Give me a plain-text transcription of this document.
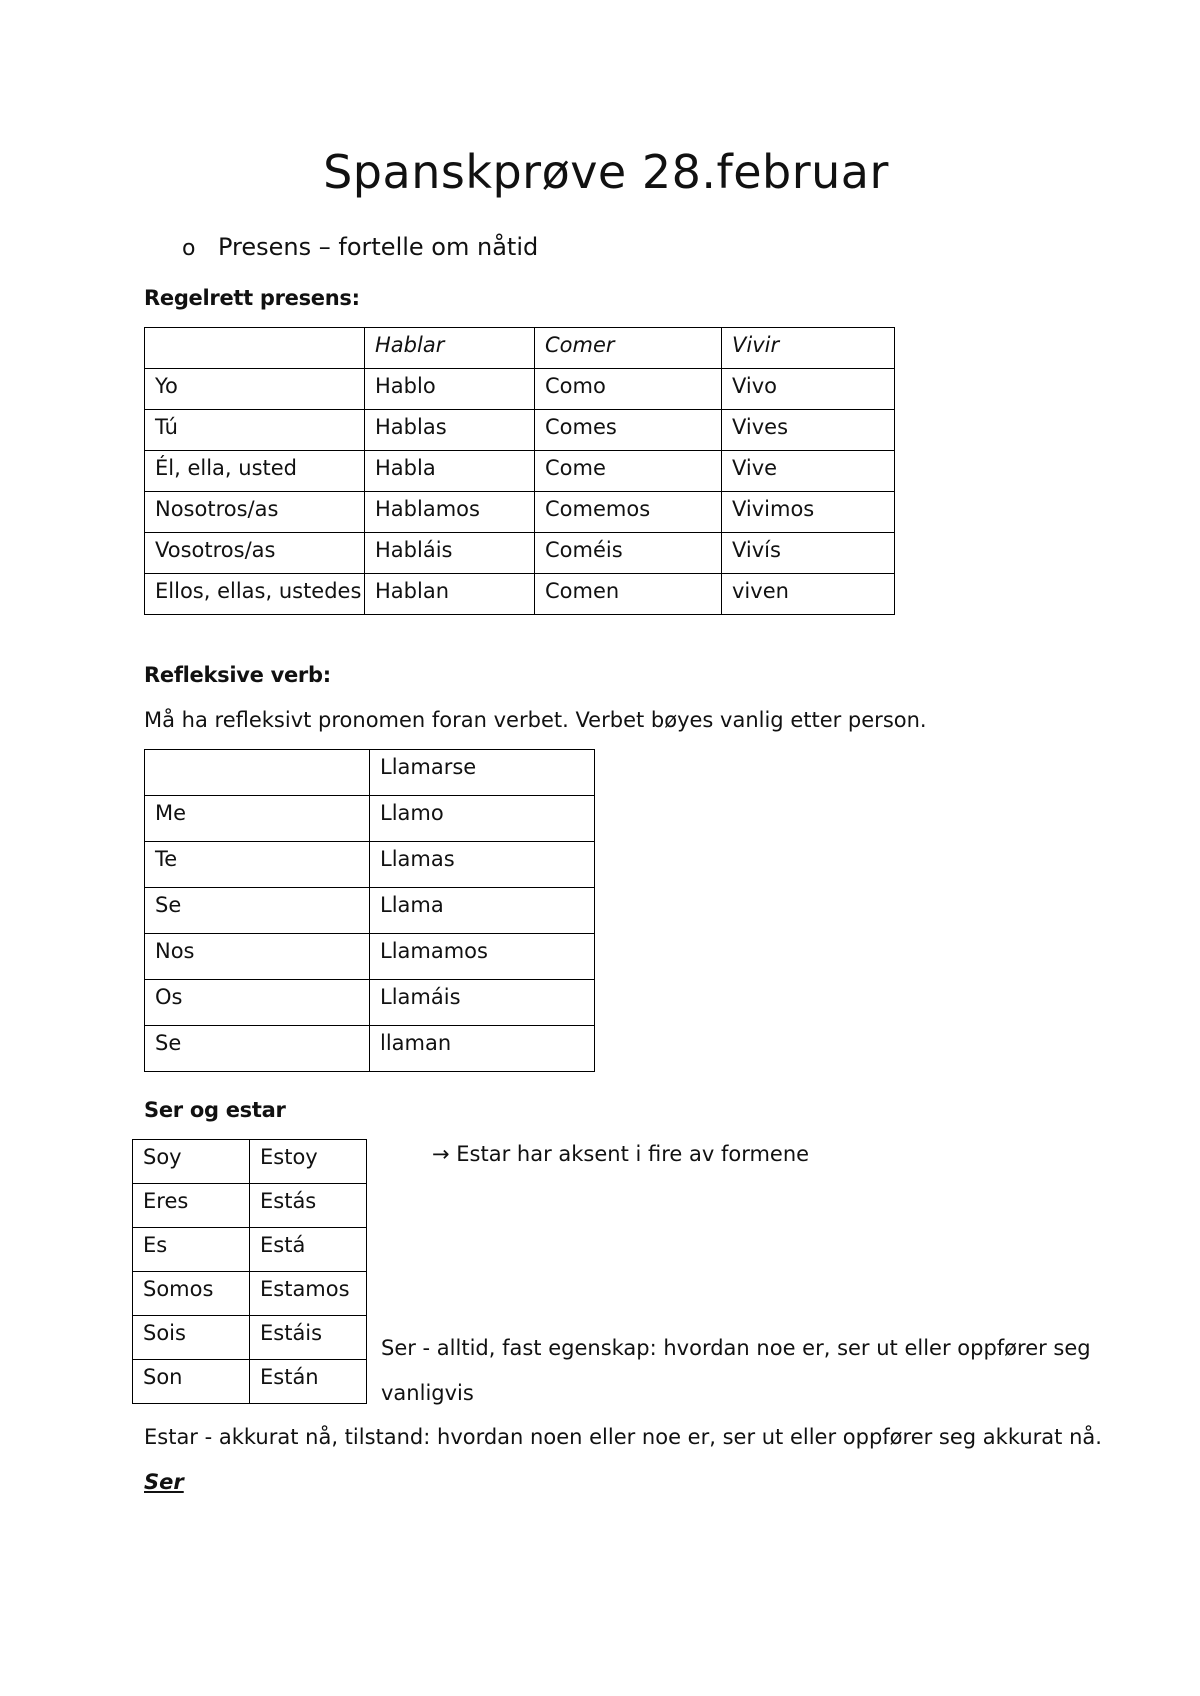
Spanskprøve 28.februar
o Presens – fortelle om nåtid
Regelrett presens:
	Hablar	Comer	Vivir
Yo	Hablo	Como	Vivo
Tú	Hablas	Comes	Vives
Él, ella, usted	Habla	Come	Vive
Nosotros/as	Hablamos	Comemos	Vivimos
Vosotros/as	Habláis	Coméis	Vivís
Ellos, ellas, ustedes	Hablan	Comen	viven
Refleksive verb:
Må ha refleksivt pronomen foran verbet. Verbet bøyes vanlig etter person.
	Llamarse
Me	Llamo
Te	Llamas
Se	Llama
Nos	Llamamos
Os	Llamáis
Se	llaman
Ser og estar
Soy	Estoy
Eres	Estás
Es	Está
Somos	Estamos
Sois	Estáis
Son	Están
→ Estar har aksent i fire av formene
Ser - alltid, fast egenskap: hvordan noe er, ser ut eller oppfører seg
vanligvis
Estar - akkurat nå, tilstand: hvordan noen eller noe er, ser ut eller oppfører seg akkurat nå.
Ser
